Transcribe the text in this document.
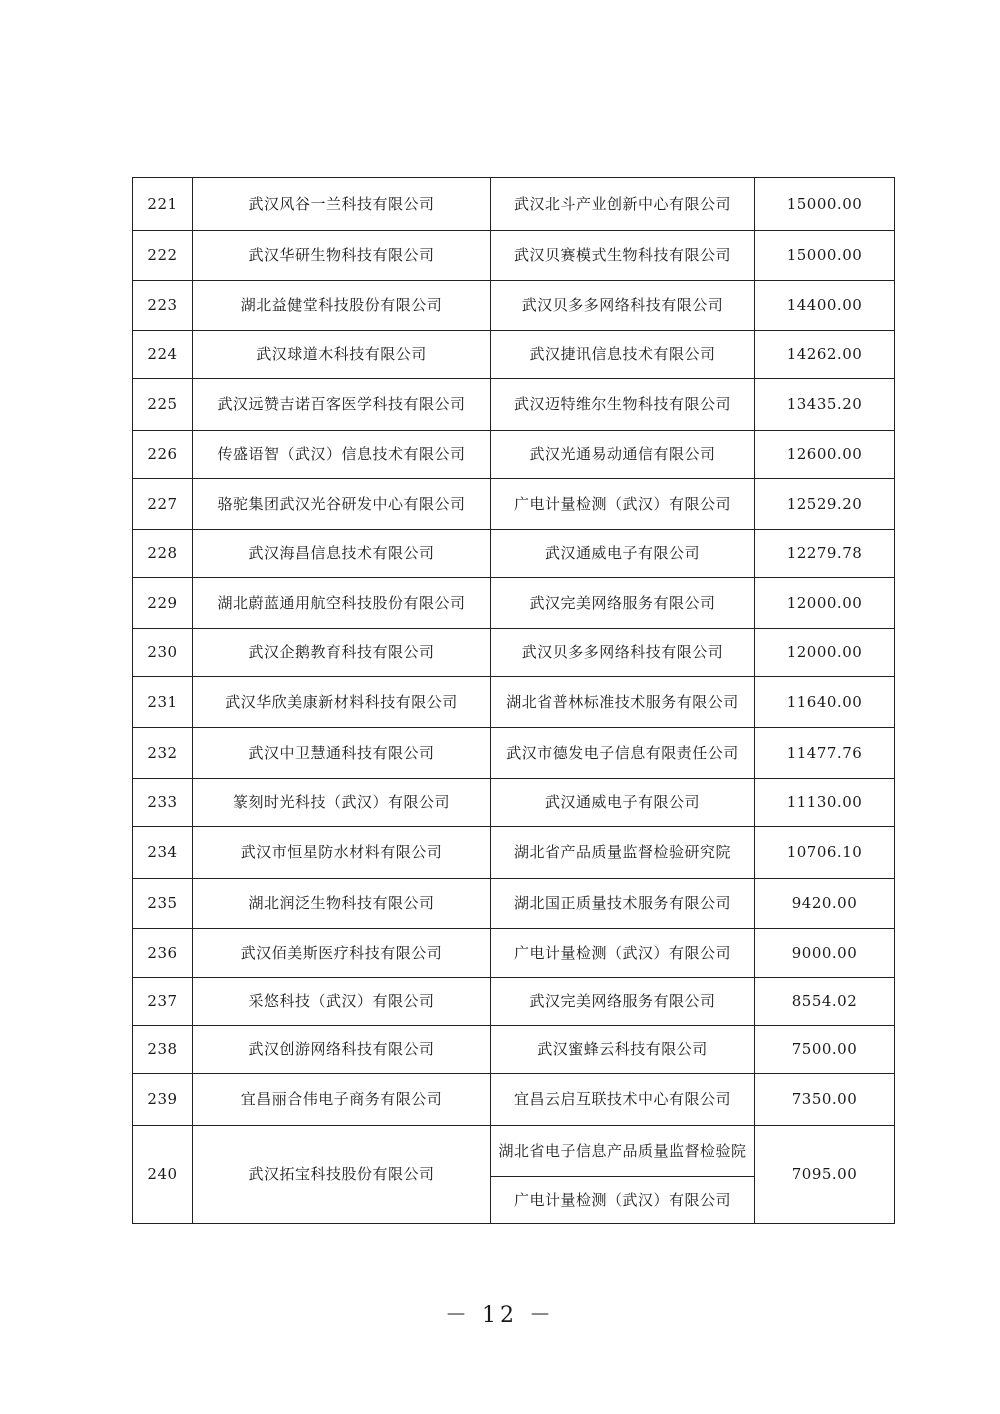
221	武汉风谷一兰科技有限公司	武汉北斗产业创新中心有限公司	15000.00
222	武汉华研生物科技有限公司	武汉贝赛模式生物科技有限公司	15000.00
223	湖北益健堂科技股份有限公司	武汉贝多多网络科技有限公司	14400.00
224	武汉球道木科技有限公司	武汉捷讯信息技术有限公司	14262.00
225	武汉远赞吉诺百客医学科技有限公司	武汉迈特维尔生物科技有限公司	13435.20
226	传盛语智（武汉）信息技术有限公司	武汉光通易动通信有限公司	12600.00
227	骆驼集团武汉光谷研发中心有限公司	广电计量检测（武汉）有限公司	12529.20
228	武汉海昌信息技术有限公司	武汉通威电子有限公司	12279.78
229	湖北蔚蓝通用航空科技股份有限公司	武汉完美网络服务有限公司	12000.00
230	武汉企鹅教育科技有限公司	武汉贝多多网络科技有限公司	12000.00
231	武汉华欣美康新材料科技有限公司	湖北省普林标准技术服务有限公司	11640.00
232	武汉中卫慧通科技有限公司	武汉市德发电子信息有限责任公司	11477.76
233	篆刻时光科技（武汉）有限公司	武汉通威电子有限公司	11130.00
234	武汉市恒星防水材料有限公司	湖北省产品质量监督检验研究院	10706.10
235	湖北润泛生物科技有限公司	湖北国正质量技术服务有限公司	9420.00
236	武汉佰美斯医疗科技有限公司	广电计量检测（武汉）有限公司	9000.00
237	采悠科技（武汉）有限公司	武汉完美网络服务有限公司	8554.02
238	武汉创游网络科技有限公司	武汉蜜蜂云科技有限公司	7500.00
239	宜昌丽合伟电子商务有限公司	宜昌云启互联技术中心有限公司	7350.00
240	武汉拓宝科技股份有限公司	湖北省电子信息产品质量监督检验院	7095.00
		广电计量检测（武汉）有限公司	
－ 12 －
